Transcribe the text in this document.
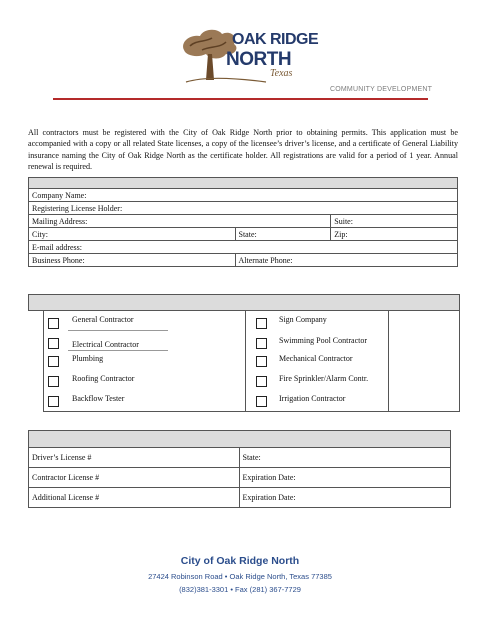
OAK RIDGE
NORTH
Texas
COMMUNITY DEVELOPMENT
All contractors must be registered with the City of Oak Ridge North prior to obtaining permits. This application must be accompanied with a copy or all related State licenses, a copy of the licensee’s driver’s license, and a certificate of General Liability insurance naming the City of Oak Ridge North as the certificate holder. All registrations are valid for a period of 1 year. Annual renewal is required.

Company Name:		
Registering License Holder:		
Mailing Address:		Suite:
City:	State:	Zip:
E-mail address:		
Business Phone:	Alternate Phone:	
General Contractor
Electrical Contractor
Plumbing
Roofing Contractor
Backflow Tester
Sign Company
Swimming Pool Contractor
Mechanical Contractor
Fire Sprinkler/Alarm Contr.
Irrigation Contractor

Driver’s License #	State:
Contractor License #	Expiration Date:
Additional License #	Expiration Date:
City of Oak Ridge North
27424 Robinson Road • Oak Ridge North, Texas 77385
(832)381-3301 • Fax (281) 367-7729
